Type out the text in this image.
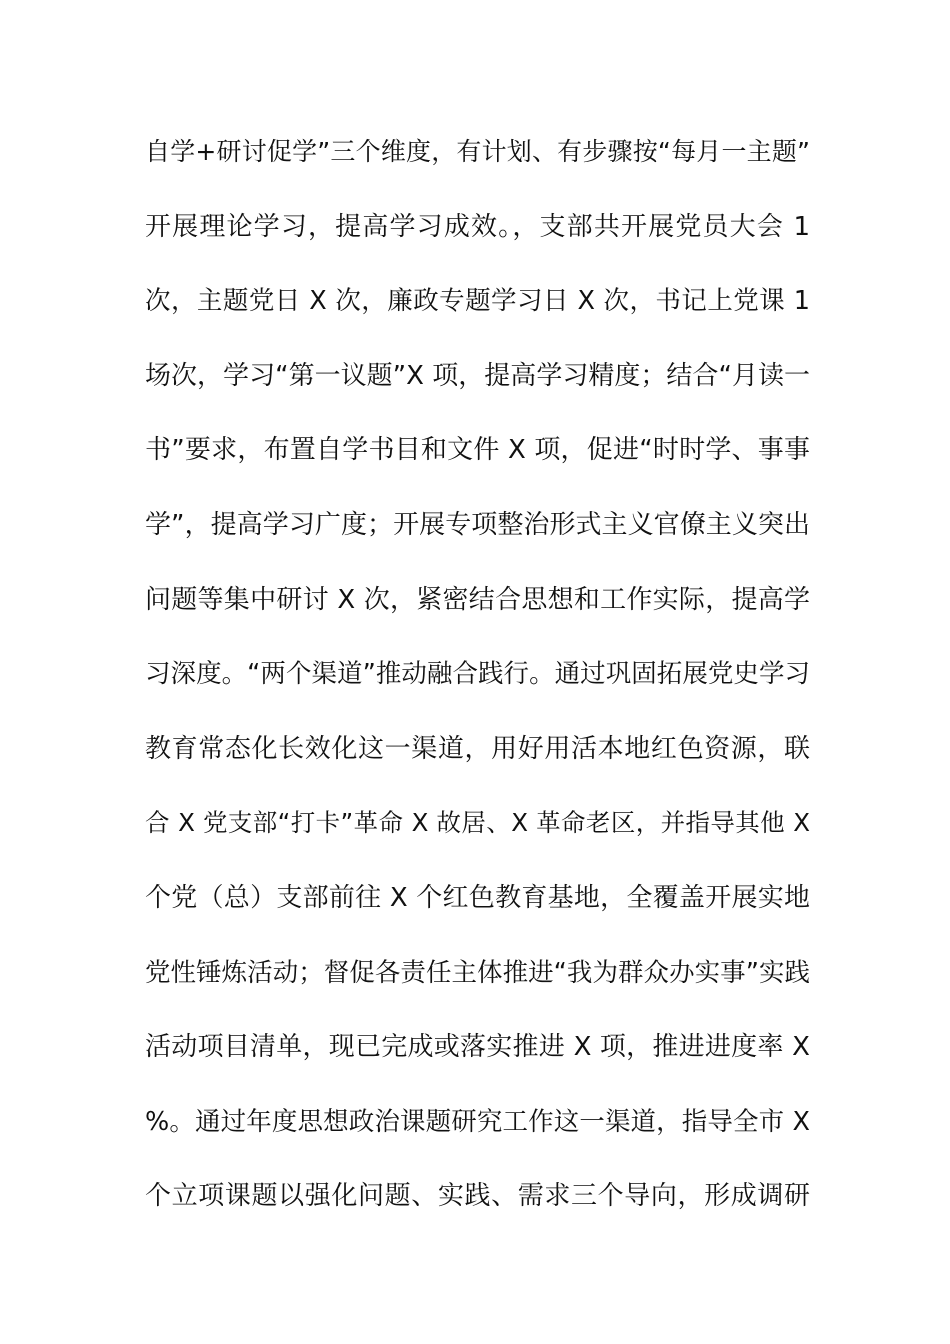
自学+研讨促学”三个维度，有计划、有步骤按“每月一主题”
开展理论学习，提高学习成效。，支部共开展党员大会 1
次，主题党日 X 次，廉政专题学习日 X 次，书记上党课 1
场次，学习“第一议题”X 项，提高学习精度；结合“月读一
书”要求，布置自学书目和文件 X 项，促进“时时学、事事
学”，提高学习广度；开展专项整治形式主义官僚主义突出
问题等集中研讨 X 次，紧密结合思想和工作实际，提高学
习深度。“两个渠道”推动融合践行。通过巩固拓展党史学习
教育常态化长效化这一渠道，用好用活本地红色资源，联
合 X 党支部“打卡”革命 X 故居、X 革命老区，并指导其他 X
个党（总）支部前往 X 个红色教育基地，全覆盖开展实地
党性锤炼活动；督促各责任主体推进“我为群众办实事”实践
活动项目清单，现已完成或落实推进 X 项，推进进度率 X
%。通过年度思想政治课题研究工作这一渠道，指导全市 X
个立项课题以强化问题、实践、需求三个导向，形成调研
